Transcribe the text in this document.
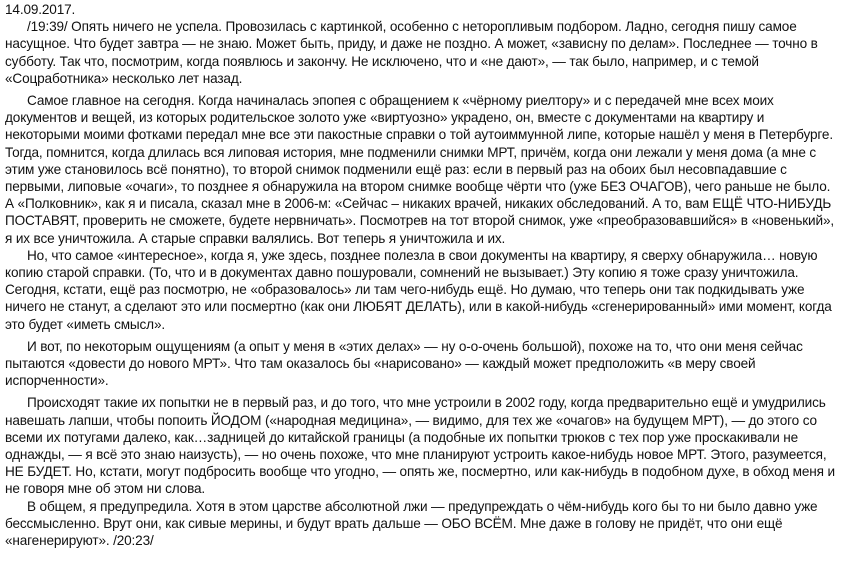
14.09.2017.

/19:39/ Опять ничего не успела. Провозилась с картинкой, особенно с неторопливым подбором. Ладно, сегодня пишу самое насущное. Что будет завтра — не знаю. Может быть, приду, и даже не поздно. А может, «зависну по делам». Последнее — точно в субботу. Так что, посмотрим, когда появлюсь и закончу. Не исключено, что и «не дают», — так было, например, и с темой «Соцработника» несколько лет назад.

Самое главное на сегодня. Когда начиналась эпопея с обращением к «чёрному риелтору» и с передачей мне всех моих документов и вещей, из которых родительское золото уже «виртуозно» украдено, он, вместе с документами на квартиру и некоторыми моими фотками передал мне все эти пакостные справки о той аутоиммунной липе, которые нашёл у меня в Петербурге. Тогда, помнится, когда длилась вся липовая история, мне подменили снимки МРТ, причём, когда они лежали у меня дома (а мне с этим уже становилось всё понятно), то второй снимок подменили ещё раз: если в первый раз на обоих был несовпадавшие с первыми, липовые «очаги», то позднее я обнаружила на втором снимке вообще чёрти что (уже БЕЗ ОЧАГОВ), чего раньше не было. А «Полковник», как я и писала, сказал мне в 2006-м: «Сейчас – никаких врачей, никаких обследований. А то, вам ЕЩЁ ЧТО-НИБУДЬ ПОСТАВЯТ, проверить не сможете, будете нервничать». Посмотрев на тот второй снимок, уже «преобразовавшийся» в «новенький», я их все уничтожила. А старые справки валялись. Вот теперь я уничтожила и их.

Но, что самое «интересное», когда я, уже здесь, позднее полезла в свои документы на квартиру, я сверху обнаружила… новую копию старой справки. (То, что и в документах давно пошуровали, сомнений не вызывает.) Эту копию я тоже сразу уничтожила. Сегодня, кстати, ещё раз посмотрю, не «образовалось» ли там чего-нибудь ещё. Но думаю, что теперь они так подкидывать уже ничего не станут, а сделают это или посмертно (как они ЛЮБЯТ ДЕЛАТЬ), или в какой-нибудь «сгенерированный» ими момент, когда это будет «иметь смысл».

И вот, по некоторым ощущениям (а опыт у меня в «этих делах» — ну о-о-очень большой), похоже на то, что они меня сейчас пытаются «довести до нового МРТ». Что там оказалось бы «нарисовано» — каждый может предположить «в меру своей испорченности».

Происходят такие их попытки не в первый раз, и до того, что мне устроили в 2002 году, когда предварительно ещё и умудрились навешать лапши, чтобы попоить ЙОДОМ («народная медицина», — видимо, для тех же «очагов» на будущем МРТ), — до этого со всеми их потугами далеко, как…задницей до китайской границы (а подобные их попытки трюков с тех пор уже проскакивали не однажды, — я всё это знаю наизусть), — но очень похоже, что мне планируют устроить какое-нибудь новое МРТ. Этого, разумеется, НЕ БУДЕТ. Но, кстати, могут подбросить вообще что угодно, — опять же, посмертно, или как-нибудь в подобном духе, в обход меня и не говоря мне об этом ни слова.

В общем, я предупредила. Хотя в этом царстве абсолютной лжи — предупреждать о чём-нибудь кого бы то ни было давно уже бессмысленно. Врут они, как сивые мерины, и будут врать дальше — ОБО ВСЁМ. Мне даже в голову не придёт, что они ещё «нагенерируют». /20:23/
